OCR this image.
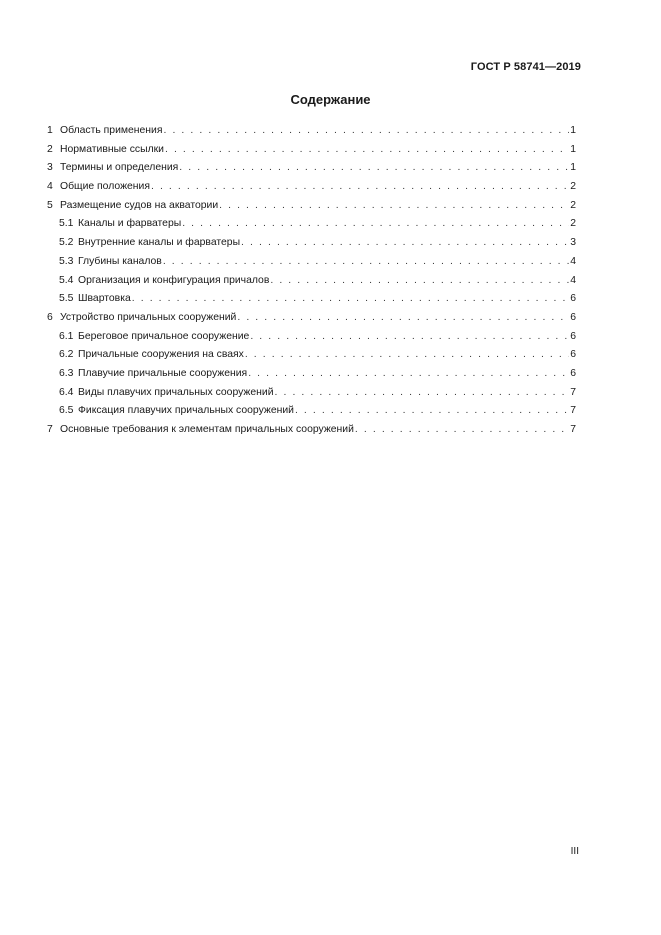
ГОСТ Р 58741—2019
Содержание
1 Область применения . . .	1
2 Нормативные ссылки . . .	1
3 Термины и определения . . .	1
4 Общие положения . . .	2
5 Размещение судов на акватории . . .	2
5.1 Каналы и фарватеры . . .	2
5.2 Внутренние каналы и фарватеры . . .	3
5.3 Глубины каналов . . .	4
5.4 Организация и конфигурация причалов . . .	4
5.5 Швартовка . . .	6
6 Устройство причальных сооружений . . .	6
6.1 Береговое причальное сооружение . . .	6
6.2 Причальные сооружения на сваях . . .	6
6.3 Плавучие причальные сооружения . . .	6
6.4 Виды плавучих причальных сооружений . . .	7
6.5 Фиксация плавучих причальных сооружений . . .	7
7 Основные требования к элементам причальных сооружений . . .	7
III
